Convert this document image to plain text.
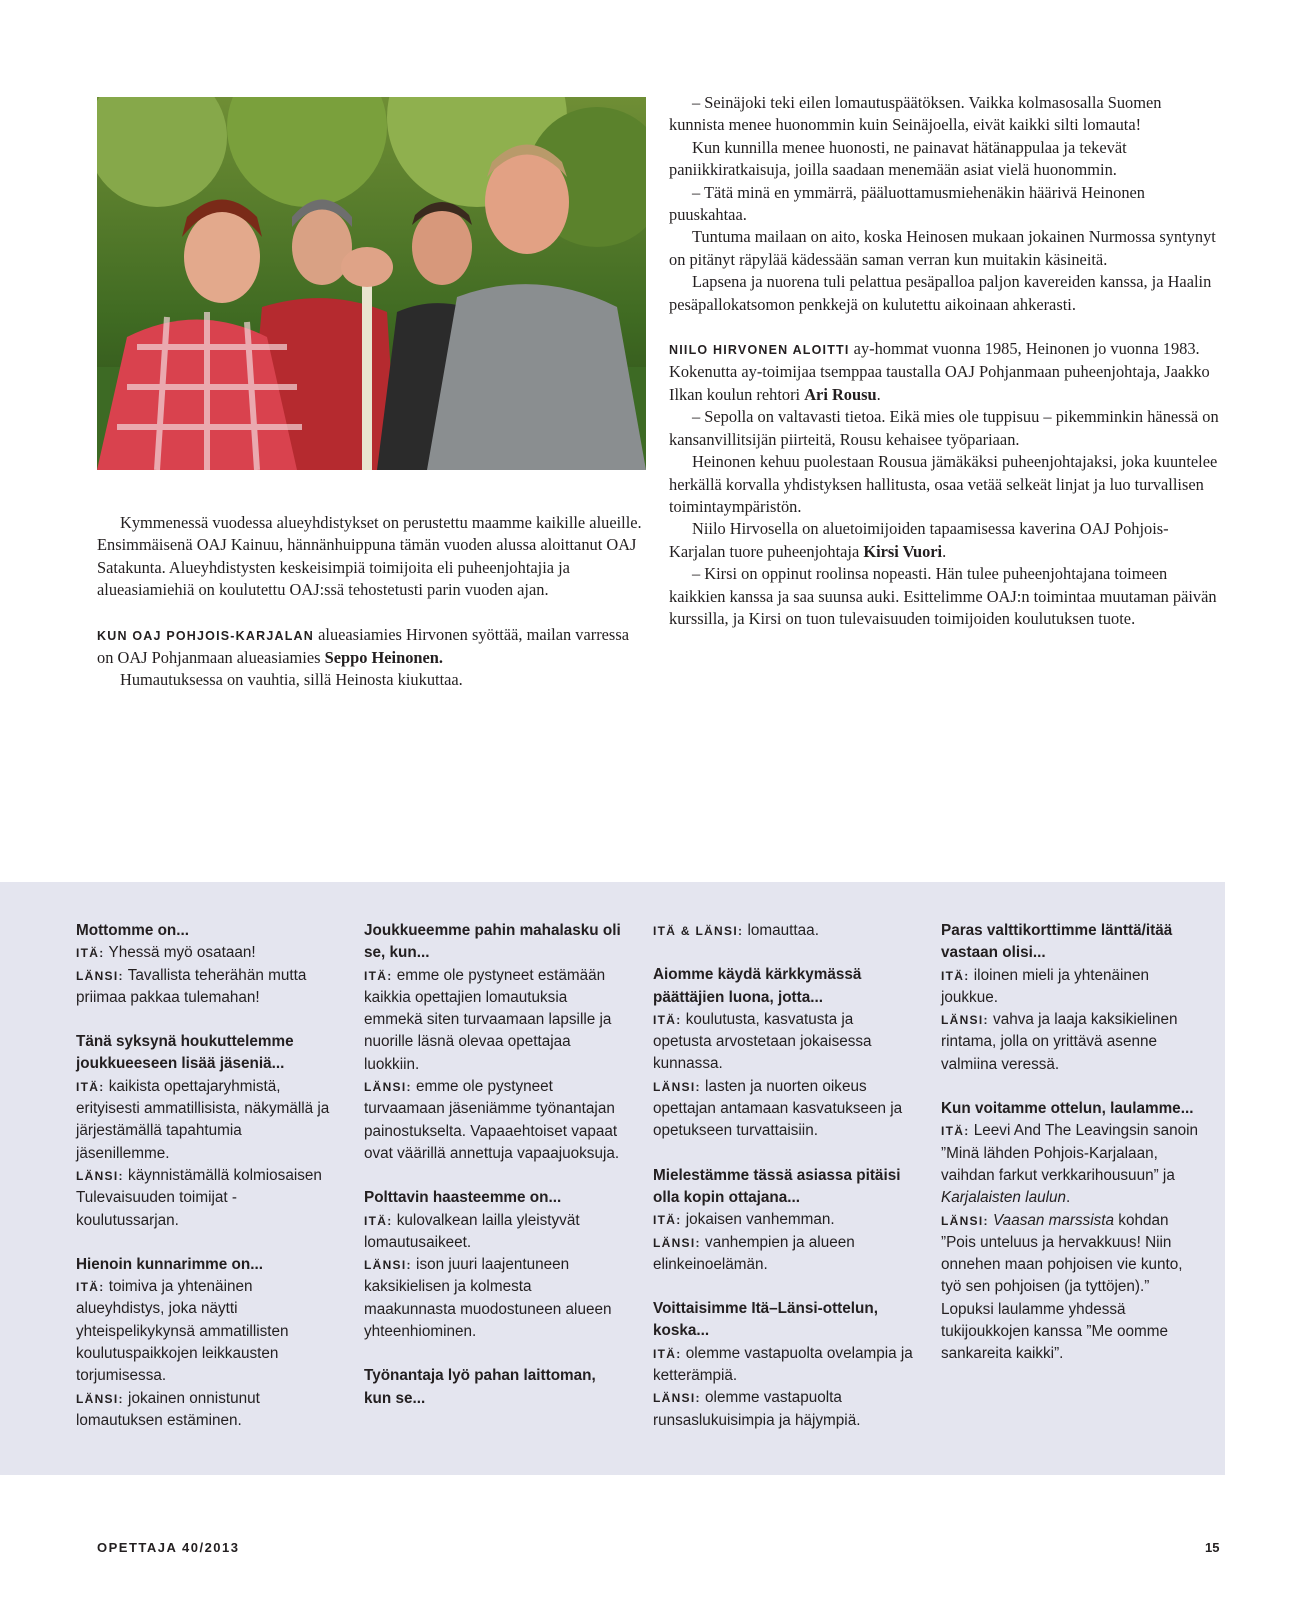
Kymmenessä vuodessa alueyhdistykset on perustettu maamme kaikille alueille. Ensimmäisenä OAJ Kainuu, hännänhuippuna tämän vuoden alussa aloittanut OAJ Satakunta. Alueyhdistysten keskeisimpiä toimijoita eli puheenjohtajia ja alueasiamiehiä on koulutettu OAJ:ssä tehostetusti parin vuoden ajan.

KUN OAJ POHJOIS-KARJALAN alueasiamies Hirvonen syöttää, mailan varressa on OAJ Pohjanmaan alueasiamies Seppo Heinonen.

Humautuksessa on vauhtia, sillä Heinosta kiukuttaa.

– Seinäjoki teki eilen lomautuspäätöksen. Vaikka kolmasosalla Suomen kunnista menee huonommin kuin Seinäjoella, eivät kaikki silti lomauta!

Kun kunnilla menee huonosti, ne painavat hätänappulaa ja tekevät paniikkiratkaisuja, joilla saadaan menemään asiat vielä huonommin.

– Tätä minä en ymmärrä, pääluottamusmiehenäkin häärivä Heinonen puuskahtaa.

Tuntuma mailaan on aito, koska Heinosen mukaan jokainen Nurmossa syntynyt on pitänyt räpylää kädessään saman verran kun muitakin käsineitä.

Lapsena ja nuorena tuli pelattua pesäpalloa paljon kavereiden kanssa, ja Haalin pesäpallokatsomon penkkejä on kulutettu aikoinaan ahkerasti.

NIILO HIRVONEN ALOITTI ay-hommat vuonna 1985, Heinonen jo vuonna 1983. Kokenutta ay-toimijaa tsemppaa taustalla OAJ Pohjanmaan puheenjohtaja, Jaakko Ilkan koulun rehtori Ari Rousu.

– Sepolla on valtavasti tietoa. Eikä mies ole tuppisuu – pikemminkin hänessä on kansanvillitsijän piirteitä, Rousu kehaisee työpariaan.

Heinonen kehuu puolestaan Rousua jämäkäksi puheenjohtajaksi, joka kuuntelee herkällä korvalla yhdistyksen hallitusta, osaa vetää selkeät linjat ja luo turvallisen toimintaympäristön.

Niilo Hirvosella on aluetoimijoiden tapaamisessa kaverina OAJ Pohjois-Karjalan tuore puheenjohtaja Kirsi Vuori.

– Kirsi on oppinut roolinsa nopeasti. Hän tulee puheenjohtajana toimeen kaikkien kanssa ja saa suunsa auki. Esittelimme OAJ:n toimintaa muutaman päivän kurssilla, ja Kirsi on tuon tulevaisuuden toimijoiden koulutuksen tuote.

Mottomme on...

ITÄ: Yhessä myö osataan!

LÄNSI: Tavallista teherähän mutta priimaa pakkaa tulemahan!

Tänä syksynä houkuttelemme joukkueeseen lisää jäseniä...

ITÄ: kaikista opettajaryhmistä, erityisesti ammatillisista, näkymällä ja järjestämällä tapahtumia jäsenillemme.

LÄNSI: käynnistämällä kolmiosaisen Tulevaisuuden toimijat -koulutussarjan.

Hienoin kunnarimme on...

ITÄ: toimiva ja yhtenäinen alueyhdistys, joka näytti yhteispelikykynsä ammatillisten koulutuspaikkojen leikkausten torjumisessa.

LÄNSI: jokainen onnistunut lomautuksen estäminen.

Joukkueemme pahin mahalasku oli se, kun...

ITÄ: emme ole pystyneet estämään kaikkia opettajien lomautuksia emmekä siten turvaamaan lapsille ja nuorille läsnä olevaa opettajaa luokkiin.

LÄNSI: emme ole pystyneet turvaamaan jäseniämme työnantajan painostukselta. Vapaaehtoiset vapaat ovat väärillä annettuja vapaajuoksuja.

Polttavin haasteemme on...

ITÄ: kulovalkean lailla yleistyvät lomautusaikeet.

LÄNSI: ison juuri laajentuneen kaksikielisen ja kolmesta maakunnasta muodostuneen alueen yhteenhiominen.

Työnantaja lyö pahan laittoman, kun se...

ITÄ & LÄNSI: lomauttaa.

Aiomme käydä kärkkymässä päättäjien luona, jotta...

ITÄ: koulutusta, kasvatusta ja opetusta arvostetaan jokaisessa kunnassa.

LÄNSI: lasten ja nuorten oikeus opettajan antamaan kasvatukseen ja opetukseen turvattaisiin.

Mielestämme tässä asiassa pitäisi olla kopin ottajana...

ITÄ: jokaisen vanhemman.

LÄNSI: vanhempien ja alueen elinkeinoelämän.

Voittaisimme Itä–Länsi-ottelun, koska...

ITÄ: olemme vastapuolta ovelampia ja ketterämpiä.

LÄNSI: olemme vastapuolta runsaslukuisimpia ja häjympiä.

Paras valttikorttimme länttä/itää vastaan olisi...

ITÄ: iloinen mieli ja yhtenäinen joukkue.

LÄNSI: vahva ja laaja kaksikielinen rintama, jolla on yrittävä asenne valmiina veressä.

Kun voitamme ottelun, laulamme...

ITÄ: Leevi And The Leavingsin sanoin ”Minä lähden Pohjois-Karjalaan, vaihdan farkut verkkarihousuun” ja Karjalaisten laulun.

LÄNSI: Vaasan marssista kohdan ”Pois unteluus ja hervakkuus! Niin onnehen maan pohjoisen vie kunto, työ sen pohjoisen (ja tyttöjen).” Lopuksi laulamme yhdessä tukijoukkojen kanssa ”Me oomme sankareita kaikki”.

OPETTAJA 40/2013	15
